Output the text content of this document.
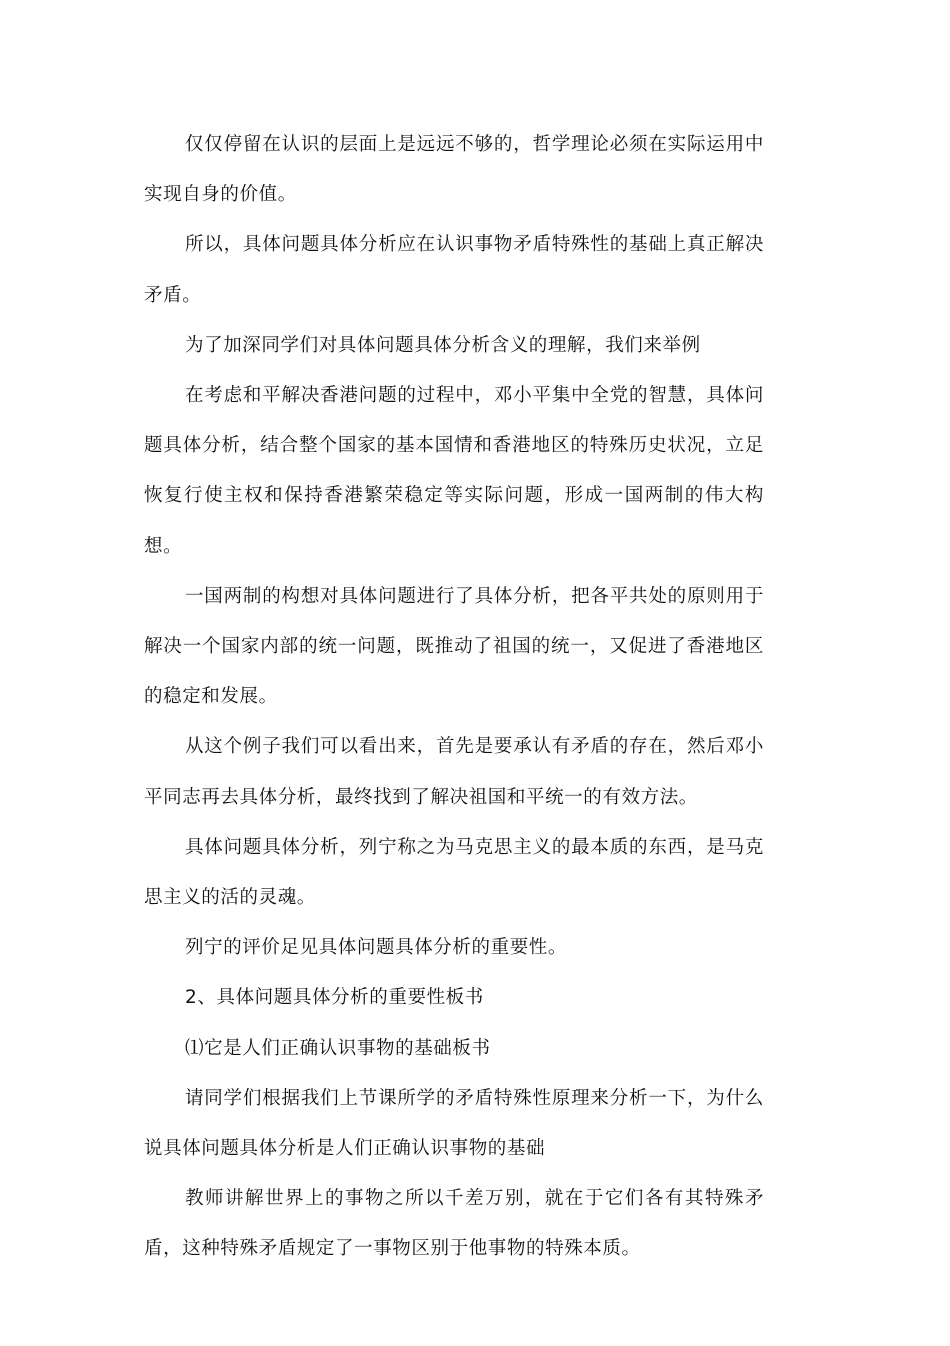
仅仅停留在认识的层面上是远远不够的，哲学理论必须在实际运用中实现自身的价值。

所以，具体问题具体分析应在认识事物矛盾特殊性的基础上真正解决矛盾。

为了加深同学们对具体问题具体分析含义的理解，我们来举例

在考虑和平解决香港问题的过程中，邓小平集中全党的智慧，具体问题具体分析，结合整个国家的基本国情和香港地区的特殊历史状况，立足恢复行使主权和保持香港繁荣稳定等实际问题，形成一国两制的伟大构想。

一国两制的构想对具体问题进行了具体分析，把各平共处的原则用于解决一个国家内部的统一问题，既推动了祖国的统一，又促进了香港地区的稳定和发展。

从这个例子我们可以看出来，首先是要承认有矛盾的存在，然后邓小平同志再去具体分析，最终找到了解决祖国和平统一的有效方法。

具体问题具体分析，列宁称之为马克思主义的最本质的东西，是马克思主义的活的灵魂。

列宁的评价足见具体问题具体分析的重要性。

2、具体问题具体分析的重要性板书

⑴它是人们正确认识事物的基础板书

请同学们根据我们上节课所学的矛盾特殊性原理来分析一下，为什么说具体问题具体分析是人们正确认识事物的基础

教师讲解世界上的事物之所以千差万别，就在于它们各有其特殊矛盾，这种特殊矛盾规定了一事物区别于他事物的特殊本质。
